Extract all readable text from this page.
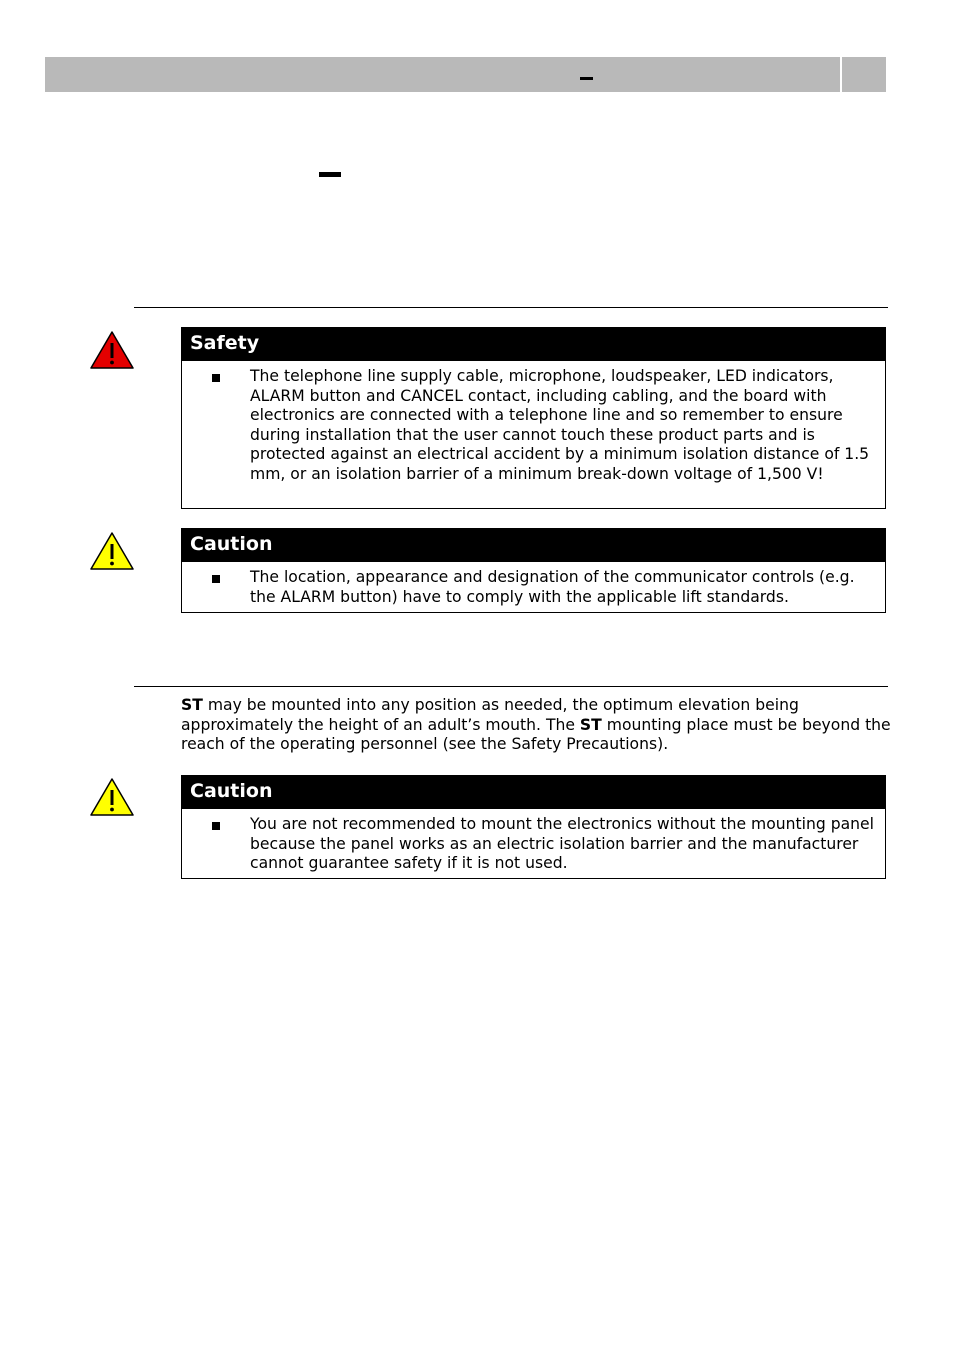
Safety

The telephone line supply cable, microphone, loudspeaker, LED indicators, ALARM button and CANCEL contact, including cabling, and the board with electronics are connected with a telephone line and so remember to ensure during installation that the user cannot touch these product parts and is protected against an electrical accident by a minimum isolation distance of 1.5 mm, or an isolation barrier of a minimum break-down voltage of 1,500 V!

Caution

The location, appearance and designation of the communicator controls (e.g. the ALARM button) have to comply with the applicable lift standards.

ST may be mounted into any position as needed, the optimum elevation being approximately the height of an adult’s mouth. The ST mounting place must be beyond the reach of the operating personnel (see the Safety Precautions).

Caution

You are not recommended to mount the electronics without the mounting panel because the panel works as an electric isolation barrier and the manufacturer cannot guarantee safety if it is not used.
